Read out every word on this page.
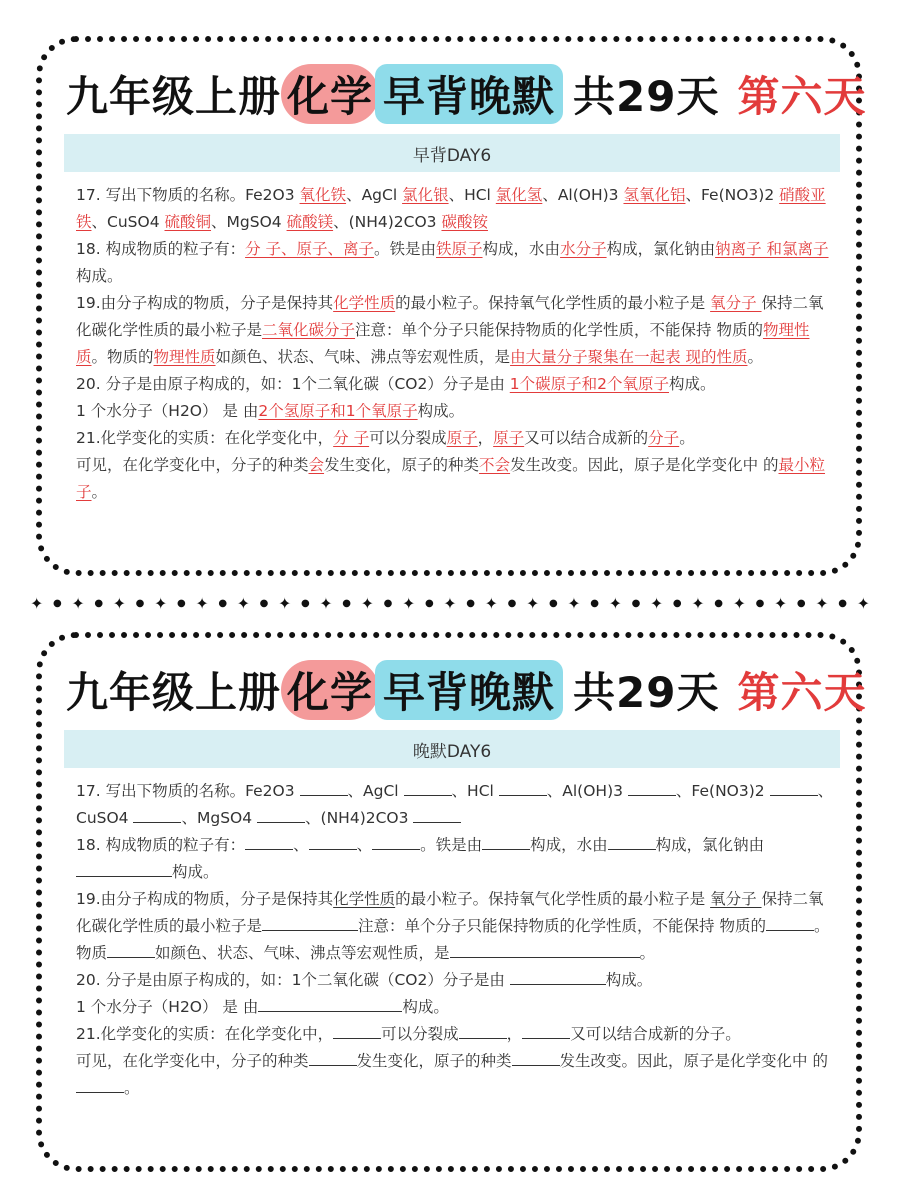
九年级上册 化学 早背晚默 共29天 第六天
早背DAY6

17. 写出下物质的名称。Fe2O3 氧化铁、AgCl 氯化银、HCl 氯化氢、Al(OH)3 氢氧化铝、Fe(NO3)2 硝酸亚铁、CuSO4 硫酸铜、MgSO4 硫酸镁、(NH4)2CO3 碳酸铵

18. 构成物质的粒子有：分 子、原子、离子。铁是由铁原子构成，水由水分子构成，氯化钠由钠离子 和氯离子构成。

19.由分子构成的物质，分子是保持其化学性质的最小粒子。保持氧气化学性质的最小粒子是 氧分子 保持二氧化碳化学性质的最小粒子是二氧化碳分子注意：单个分子只能保持物质的化学性质，不能保持 物质的物理性质。物质的物理性质如颜色、状态、气味、沸点等宏观性质，是由大量分子聚集在一起表 现的性质。

20. 分子是由原子构成的，如：1个二氧化碳（CO2）分子是由 1个碳原子和2个氧原子构成。

1 个水分子（H2O） 是 由2个氢原子和1个氧原子构成。

21.化学变化的实质：在化学变化中，分 子可以分裂成原子，原子又可以结合成新的分子。

可见，在化学变化中，分子的种类会发生变化，原子的种类不会发生改变。因此，原子是化学变化中 的最小粒子。

✦ ● ✦ ● ✦ ● ✦ ● ✦ ● ✦ ● ✦ ● ✦ ● ✦ ● ✦ ● ✦ ● ✦ ● ✦ ● ✦ ● ✦ ● ✦ ● ✦ ● ✦ ● ✦ ● ✦ ● ✦
九年级上册 化学 早背晚默 共29天 第六天
晚默DAY6

17. 写出下物质的名称。Fe2O3	、AgCl	、HCl	、Al(OH)3	、Fe(NO3)2	、CuSO4	、MgSO4	、(NH4)2CO3

18. 构成物质的粒子有：	、	、	。铁是由	构成，水由	构成，氯化钠由构成。

19.由分子构成的物质，分子是保持其化学性质的最小粒子。保持氧气化学性质的最小粒子是 氧分子 保持二氧化碳化学性质的最小粒子是	注意：单个分子只能保持物质的化学性质，不能保持 物质的	。物质	如颜色、状态、气味、沸点等宏观性质，是	。

20. 分子是由原子构成的，如：1个二氧化碳（CO2）分子是由	构成。

1 个水分子（H2O） 是 由	构成。

21.化学变化的实质：在化学变化中，	可以分裂成	，	又可以结合成新的分子。

可见，在化学变化中，分子的种类	发生变化，原子的种类	发生改变。因此，原子是化学变化中 的。
